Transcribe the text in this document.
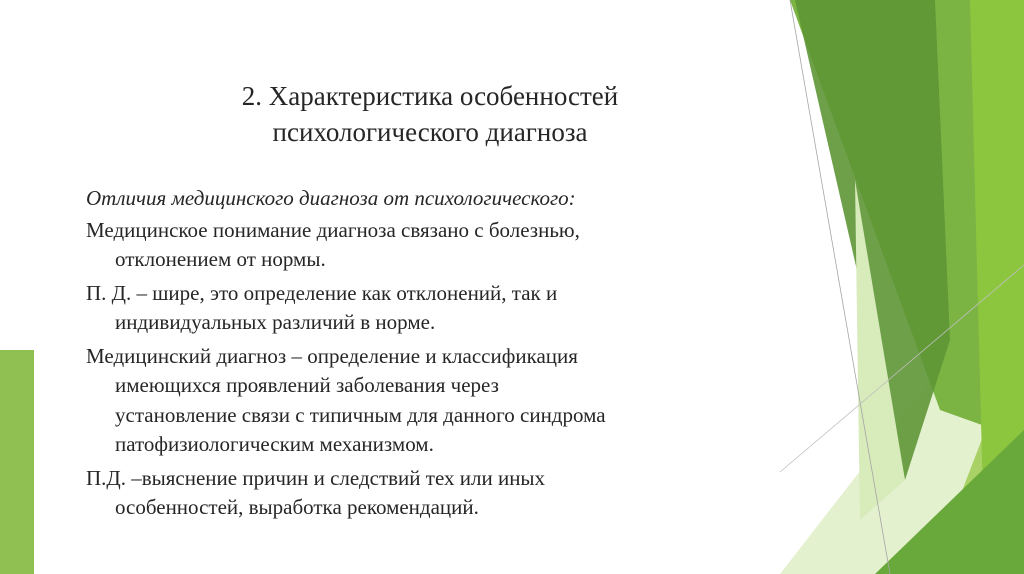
2. Характеристика особенностей
психологического диагноза
Отличия медицинского диагноза от психологического:
Медицинское понимание диагноза связано с болезнью,
отклонением от нормы.
П. Д. – шире, это определение как отклонений, так и
индивидуальных различий в норме.
Медицинский диагноз – определение и классификация
имеющихся проявлений заболевания через
установление связи с типичным для данного синдрома
патофизиологическим механизмом.
П.Д. –выяснение причин и следствий тех или иных
особенностей, выработка рекомендаций.
